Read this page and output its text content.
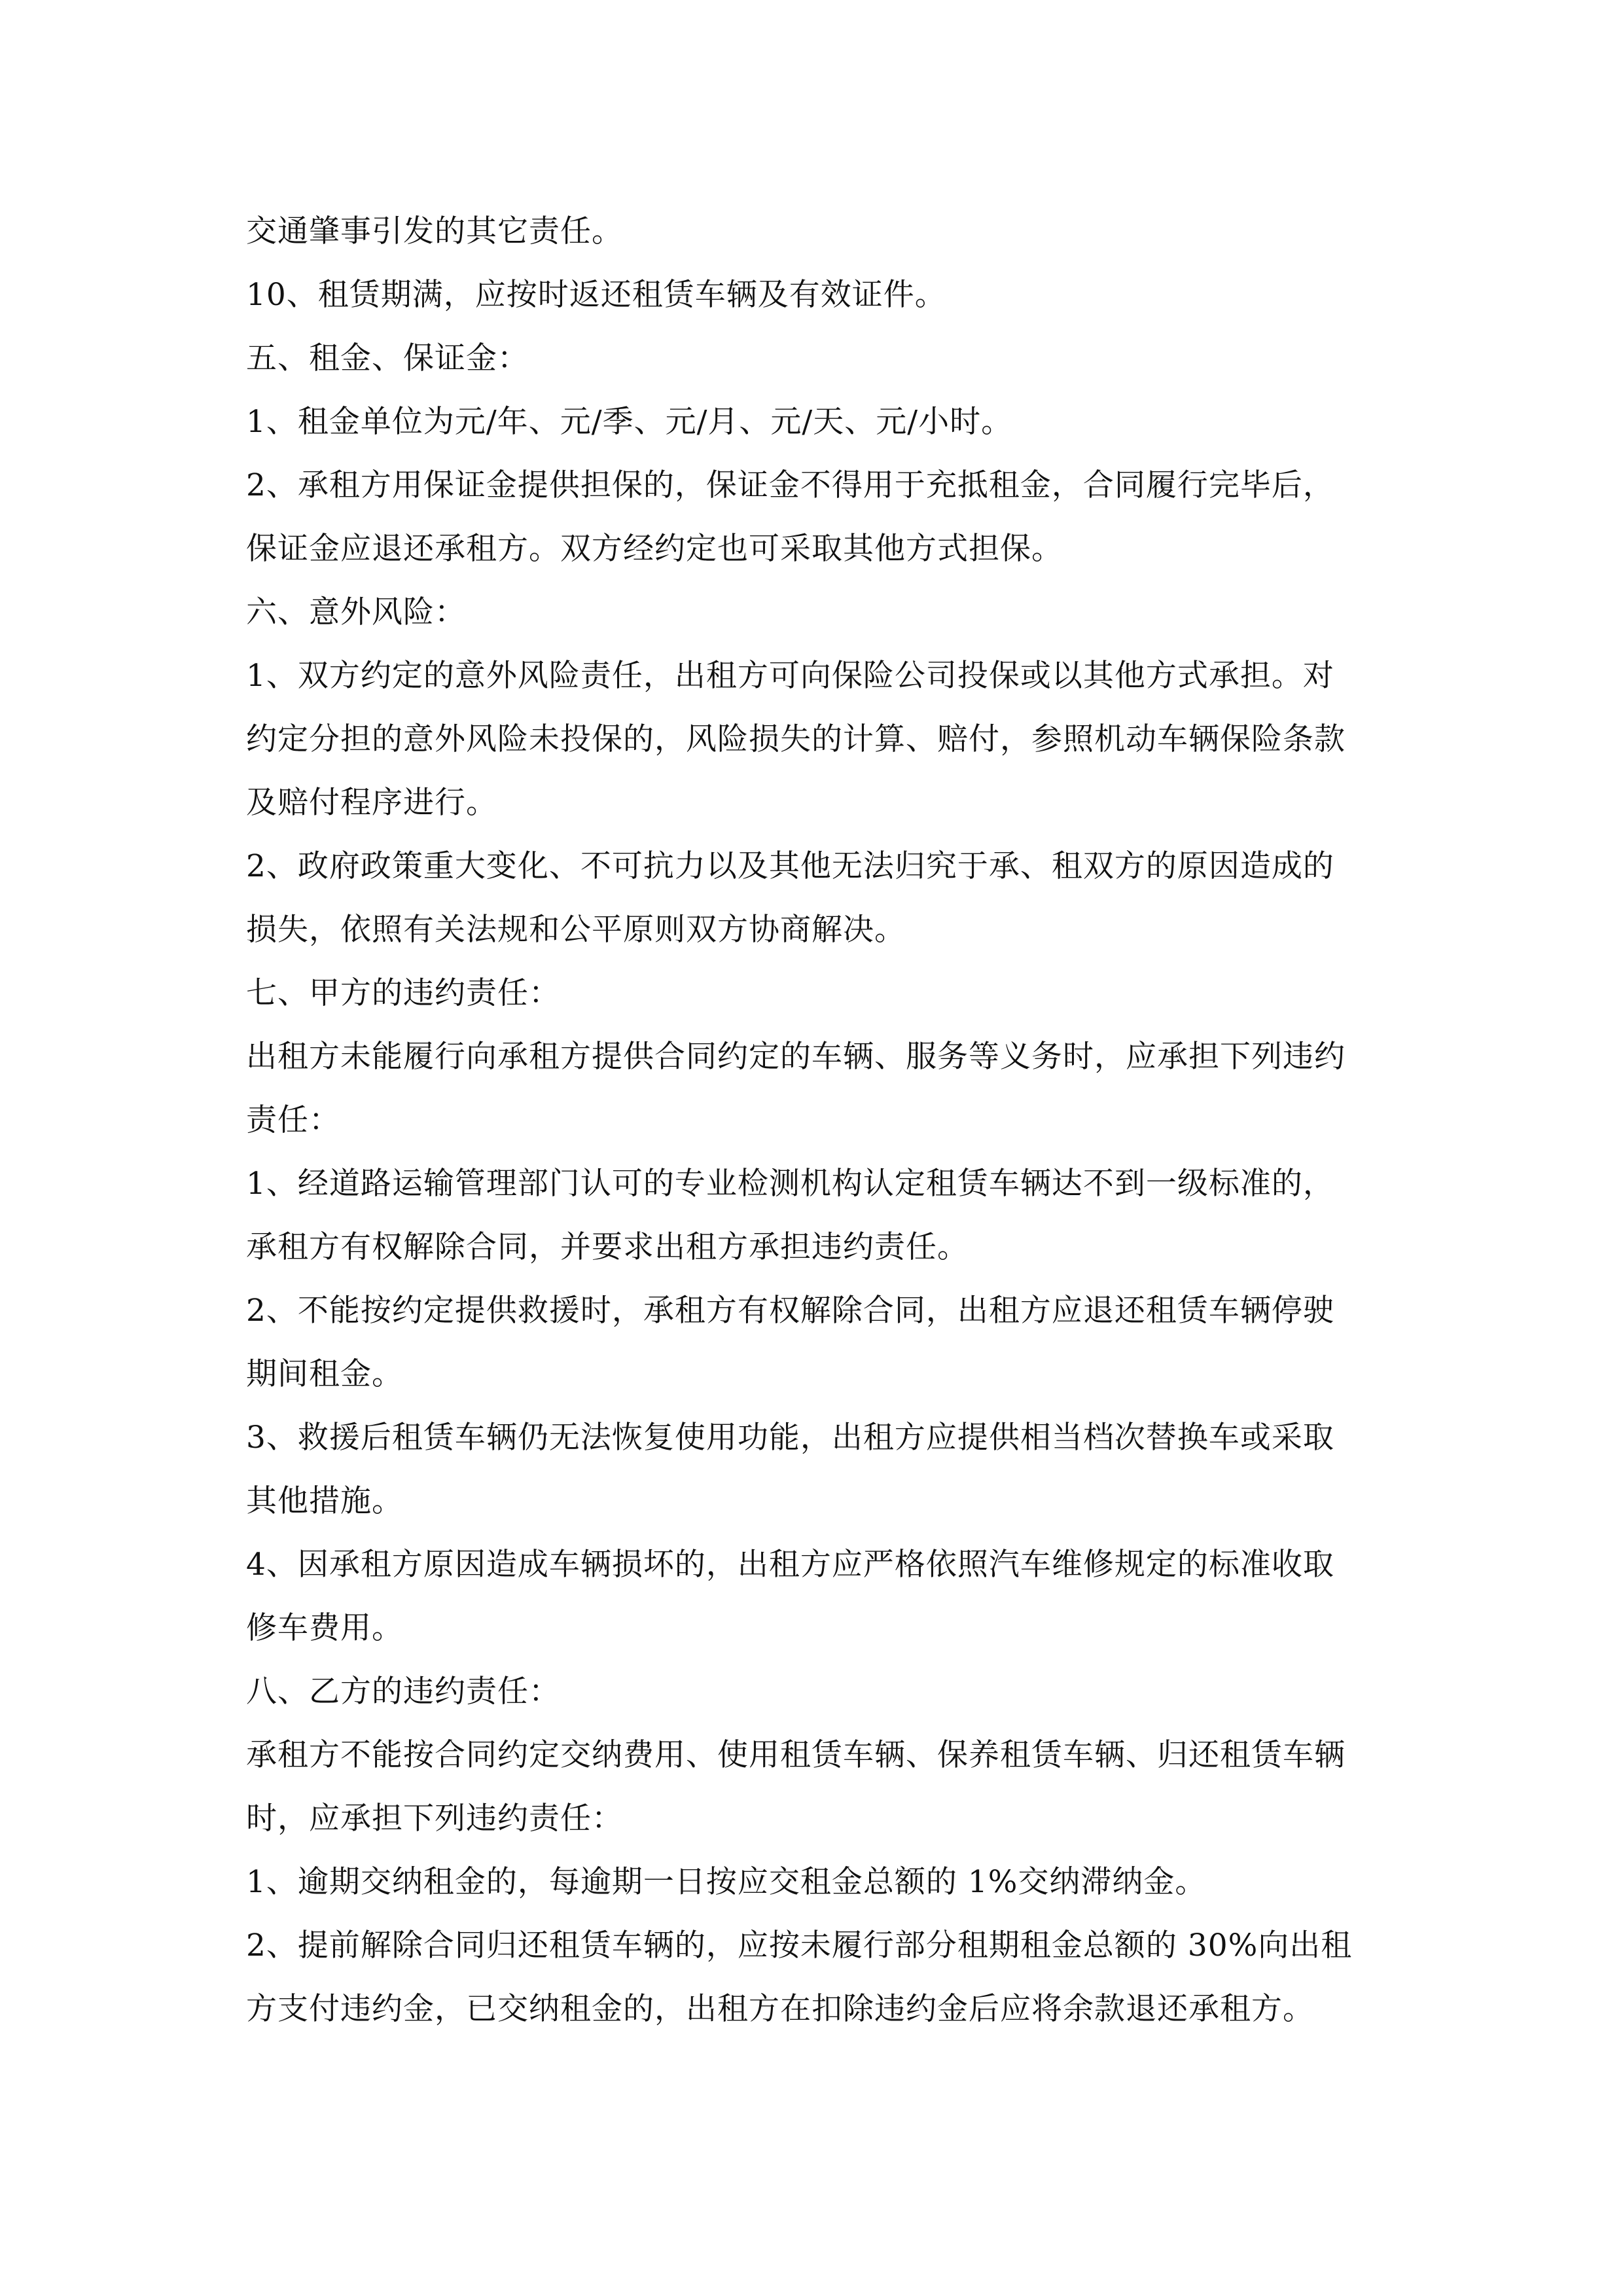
交通肇事引发的其它责任。
10、租赁期满，应按时返还租赁车辆及有效证件。
五、租金、保证金：
1、租金单位为元/年、元/季、元/月、元/天、元/小时。
2、承租方用保证金提供担保的，保证金不得用于充抵租金，合同履行完毕后，
保证金应退还承租方。双方经约定也可采取其他方式担保。
六、意外风险：
1、双方约定的意外风险责任，出租方可向保险公司投保或以其他方式承担。对
约定分担的意外风险未投保的，风险损失的计算、赔付，参照机动车辆保险条款
及赔付程序进行。
2、政府政策重大变化、不可抗力以及其他无法归究于承、租双方的原因造成的
损失，依照有关法规和公平原则双方协商解决。
七、甲方的违约责任：
出租方未能履行向承租方提供合同约定的车辆、服务等义务时，应承担下列违约
责任：
1、经道路运输管理部门认可的专业检测机构认定租赁车辆达不到一级标准的，
承租方有权解除合同，并要求出租方承担违约责任。
2、不能按约定提供救援时，承租方有权解除合同，出租方应退还租赁车辆停驶
期间租金。
3、救援后租赁车辆仍无法恢复使用功能，出租方应提供相当档次替换车或采取
其他措施。
4、因承租方原因造成车辆损坏的，出租方应严格依照汽车维修规定的标准收取
修车费用。
八、乙方的违约责任：
承租方不能按合同约定交纳费用、使用租赁车辆、保养租赁车辆、归还租赁车辆
时，应承担下列违约责任：
1、逾期交纳租金的，每逾期一日按应交租金总额的 1%交纳滞纳金。
2、提前解除合同归还租赁车辆的，应按未履行部分租期租金总额的 30%向出租
方支付违约金，已交纳租金的，出租方在扣除违约金后应将余款退还承租方。
